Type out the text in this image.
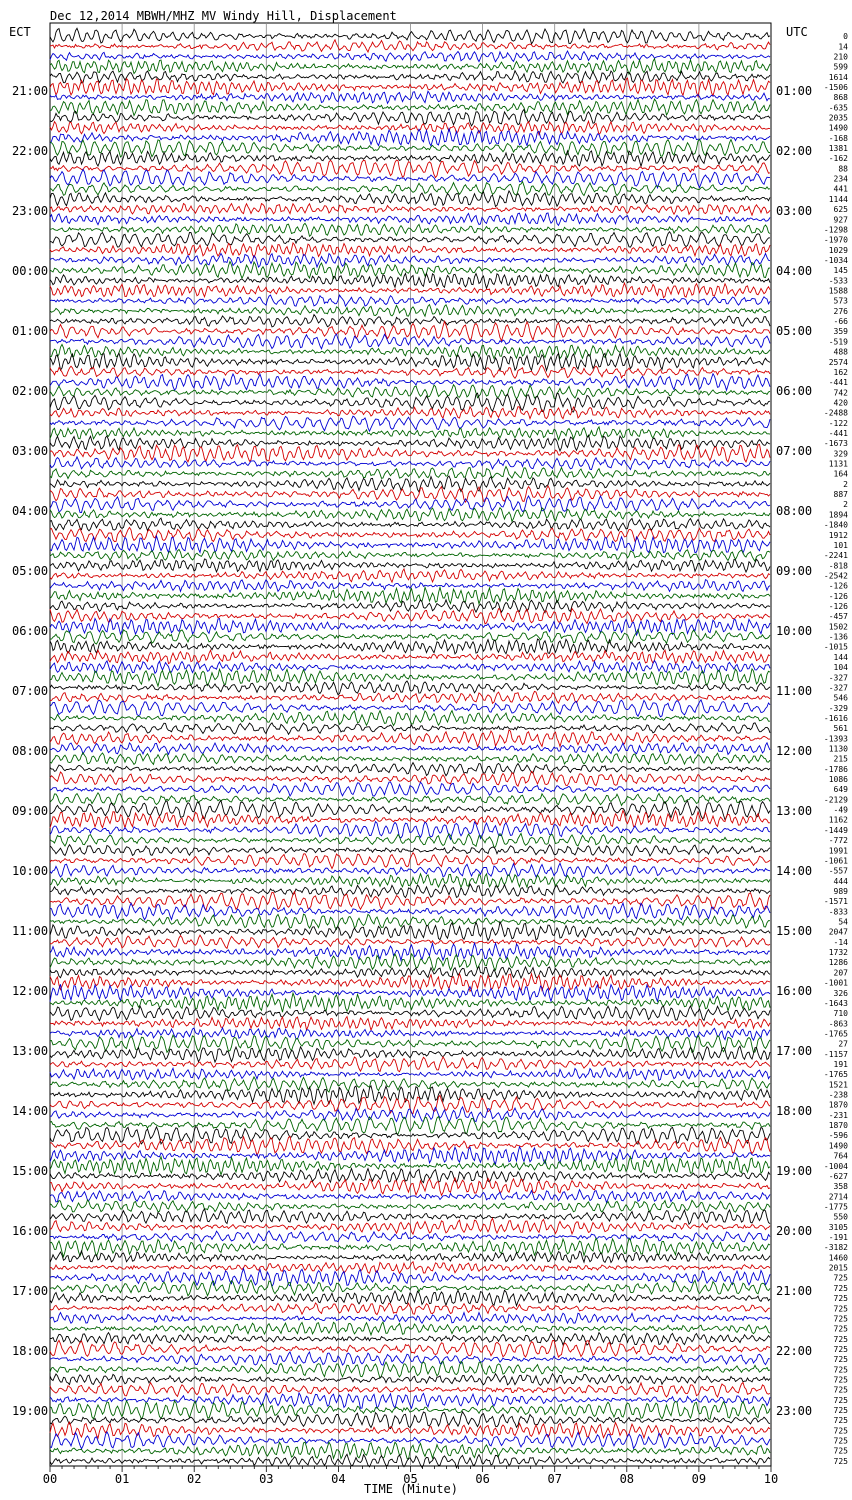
Dec 12,2014 MBWH/MHZ MV Windy Hill, Displacement
ECT	UTC
TIME (Minute)
00	01	02	03	04	05	06	07	08	09	10
0
14
210
599
1614
-1506
868
-635
2035
1490
-168
1381
-162
88
234
441
1144
625
927
-1298
-1970
1029
-1034
145
-533
1588
573
276
-66
359
-519
488
2574
162
-441
742
420
-2488
-122
-441
-1673
329
1131
164
2
887
2
1894
-1840
1912
101
-2241
-818
-2542
-126
-126
-126
-457
1502
-136
-1015
144
104
-327
-327
546
-329
-1616
561
-1393
1130
215
-1786
1086
649
-2129
-49
1162
-1449
-772
1991
-1061
-557
444
989
-1571
-833
54
2047
-14
1732
1286
207
-1001
326
-1643
710
-863
-1765
27
-1157
191
-1765
1521
-238
1870
-231
1870
-596
1490
764
-1004
-627
358
2714
-1775
550
3105
-191
-3182
1460
2015
725
725
725
725
725
725
725
725
725
725
725
725
725
725
725
725
725
725
725
21:00
22:00
23:00
00:00
01:00
02:00
03:00
04:00
05:00
06:00
07:00
08:00
09:00
10:00
11:00
12:00
13:00
14:00
15:00
16:00
17:00
18:00
19:00
01:00
02:00
03:00
04:00
05:00
06:00
07:00
08:00
09:00
10:00
11:00
12:00
13:00
14:00
15:00
16:00
17:00
18:00
19:00
20:00
21:00
22:00
23:00
